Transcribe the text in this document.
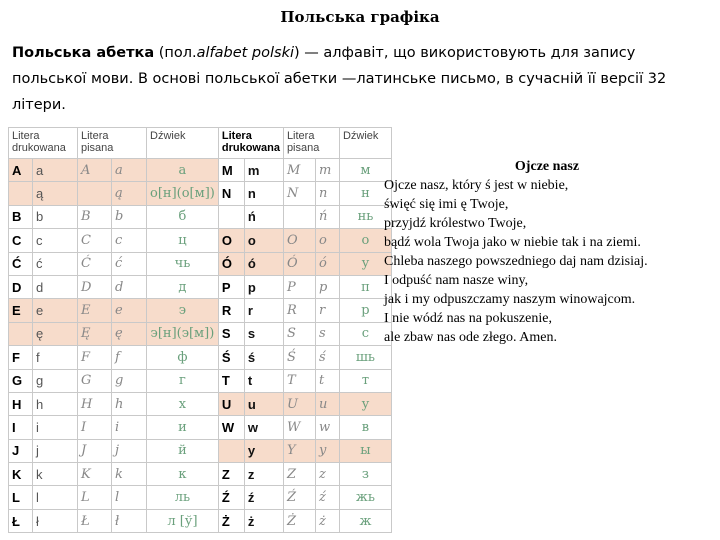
Польська графіка
Польська абетка (пол.alfabet polski) — алфавіт, що використовують для запису польської мови. В основі польської абетки —латинське письмо, в сучасній її версії 32 літери.
Litera drukowana		Litera pisana		Dźwiek	Litera drukowana		Litera pisana		Dźwiek
A	a	A	a	а	M	m	M	m	м
	ą		ą	о[н](о[м])	N	n	N	n	н
B	b	B	b	б		ń		ń	нь
C	c	C	c	ц	O	o	O	o	о
Ć	ć	Ć	ć	чь	Ó	ó	Ó	ó	у
D	d	D	d	д	P	p	P	p	п
E	e	E	e	э	R	r	R	r	р
	ę	Ę	ę	э[н](э[м])	S	s	S	s	с
F	f	F	f	ф	Ś	ś	Ś	ś	шь
G	g	G	g	г	T	t	T	t	т
H	h	H	h	х	U	u	U	u	у
I	i	I	i	и	W	w	W	w	в
J	j	J	j	й		y	Y	y	ы
K	k	K	k	к	Z	z	Z	z	з
L	l	L	l	ль	Ź	ź	Ź	ź	жь
Ł	ł	Ł	ł	л [ў]	Ż	ż	Ż	ż	ж
Ojcze nasz
Ojcze nasz, który ś jest w niebie,
święć się imi ę Twoje,
przyjdź królestwo Twoje,
bądź wola Twoja jako w niebie tak i na ziemi.
Chleba naszego powszedniego daj nam dzisiaj.
I odpuść nam nasze winy,
jak i my odpuszczamy naszym winowajcom.
I nie wódź nas na pokuszenie,
ale zbaw nas ode złego. Amen.
